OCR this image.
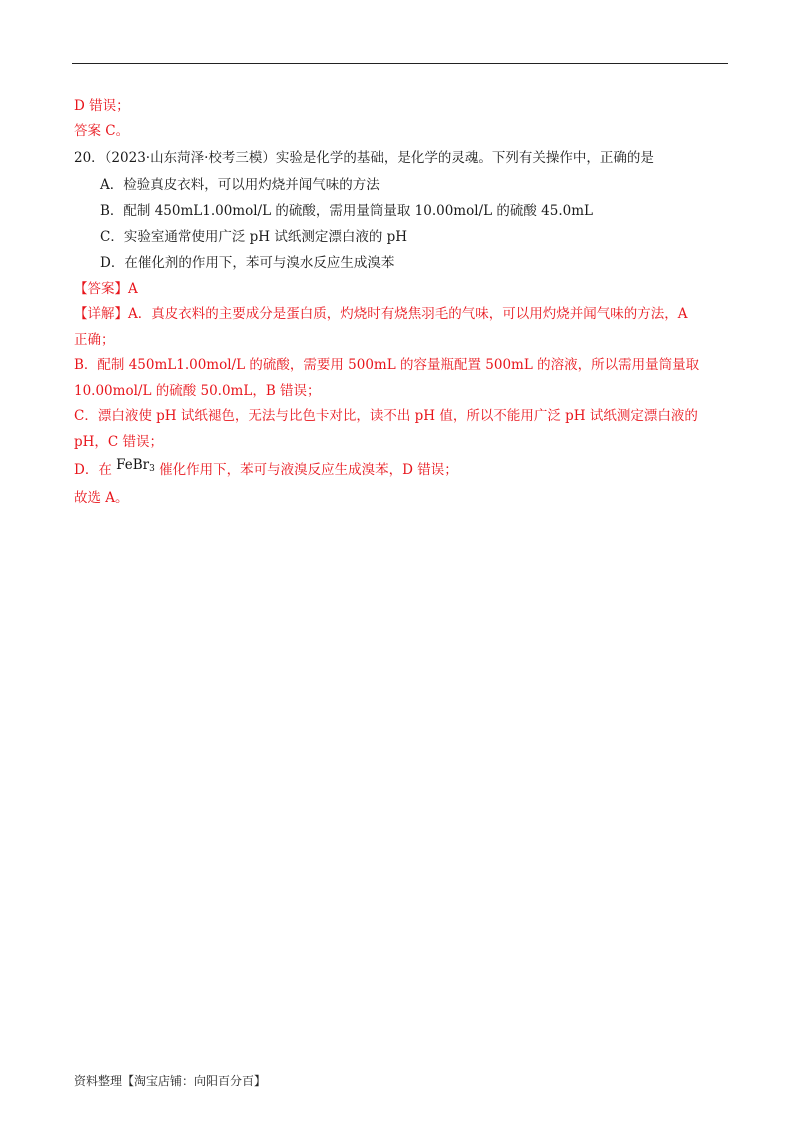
D 错误；
答案 C。
20．（2023·山东菏泽·校考三模）实验是化学的基础，是化学的灵魂。下列有关操作中，正确的是
A．检验真皮衣料，可以用灼烧并闻气味的方法
B．配制 450mL1.00mol/L 的硫酸，需用量筒量取 10.00mol/L 的硫酸 45.0mL
C．实验室通常使用广泛 pH 试纸测定漂白液的 pH
D．在催化剂的作用下，苯可与溴水反应生成溴苯
【答案】A
【详解】A．真皮衣料的主要成分是蛋白质，灼烧时有烧焦羽毛的气味，可以用灼烧并闻气味的方法，A
正确；
B．配制 450mL1.00mol/L 的硫酸，需要用 500mL 的容量瓶配置 500mL 的溶液，所以需用量筒量取
10.00mol/L 的硫酸 50.0mL，B 错误；
C．漂白液使 pH 试纸褪色，无法与比色卡对比，读不出 pH 值，所以不能用广泛 pH 试纸测定漂白液的
pH，C 错误；
D．在 FeBr$_3$ 催化作用下，苯可与液溴反应生成溴苯，D 错误；
故选 A。
资料整理【淘宝店铺：向阳百分百】
